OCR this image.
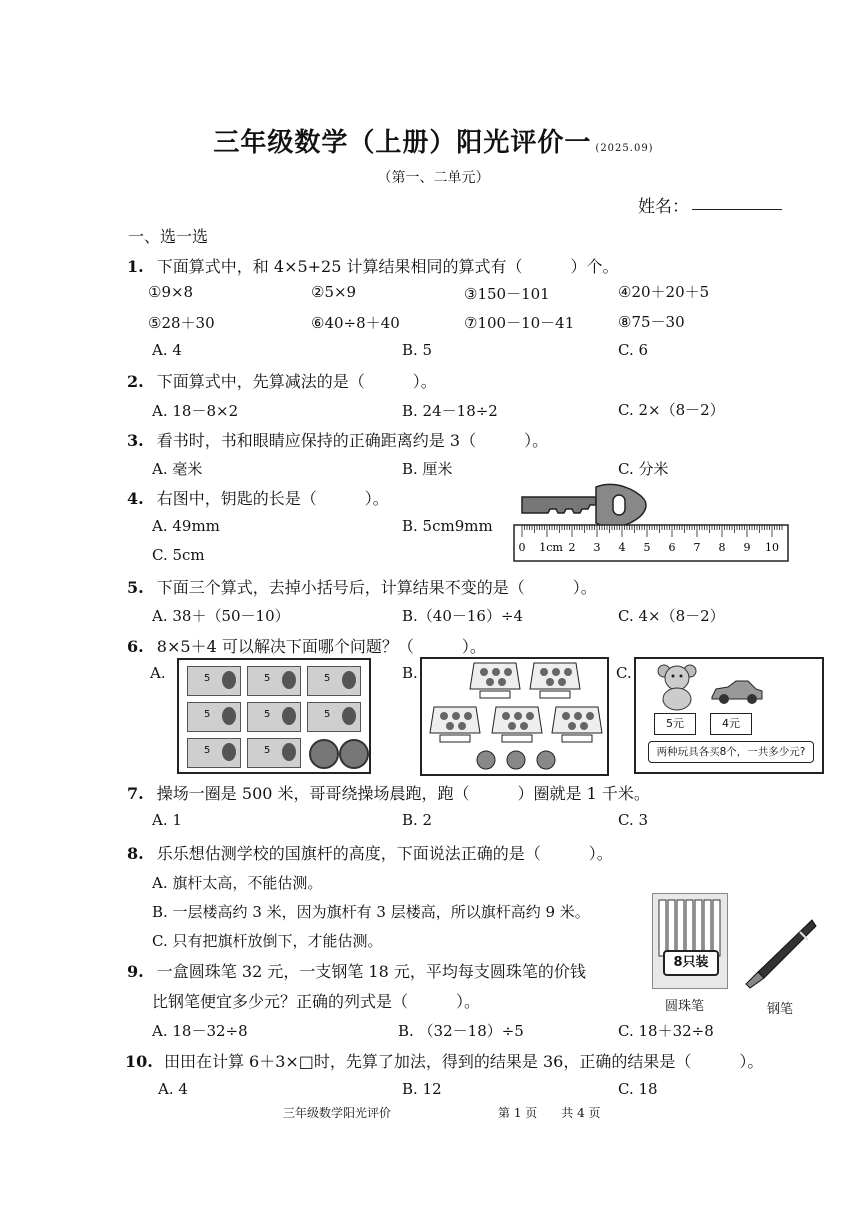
三年级数学（上册）阳光评价一 (2025.09)
（第一、二单元）
姓名：
一、选一选
1. 下面算式中，和 4×5+25 计算结果相同的算式有（　　　）个。
①9×8	②5×9	③150－101	④20＋20＋5
⑤28＋30	⑥40÷8＋40	⑦100－10－41	⑧75－30
A. 4	B. 5	C. 6
2. 下面算式中，先算减法的是（　　　）。
A. 18－8×2	B. 24－18÷2	C. 2×（8－2）
3. 看书时，书和眼睛应保持的正确距离约是 3（　　　）。
A. 毫米	B. 厘米	C. 分米
4. 右图中，钥匙的长是（　　　）。
A. 49mm	B. 5cm9mm
C. 5cm	0 1cm 2 3 4 5 6 7 8 9 10
5. 下面三个算式，去掉小括号后，计算结果不变的是（　　　）。
A. 38＋（50－10）	B.（40－16）÷4	C. 4×（8－2）
6. 8×5＋4 可以解决下面哪个问题？（　　　）。
A.	B.	C.
5	5	5
5	5	5
5	5
5元	4元
两种玩具各买8个，一共多少元?
7. 操场一圈是 500 米，哥哥绕操场晨跑，跑（　　　）圈就是 1 千米。
A. 1	B. 2	C. 3
8. 乐乐想估测学校的国旗杆的高度，下面说法正确的是（　　　）。
A. 旗杆太高，不能估测。
B. 一层楼高约 3 米，因为旗杆有 3 层楼高，所以旗杆高约 9 米。
C. 只有把旗杆放倒下，才能估测。
9. 一盒圆珠笔 32 元，一支钢笔 18 元，平均每支圆珠笔的价钱
比钢笔便宜多少元？正确的列式是（　　　）。
A. 18－32÷8	B. （32－18）÷5	C. 18＋32÷8
8只装
圆珠笔	钢笔
10. 田田在计算 6＋3×□时，先算了加法，得到的结果是 36，正确的结果是（　　　）。
A. 4	B. 12	C. 18
三年级数学阳光评价	第 1 页　　共 4 页
